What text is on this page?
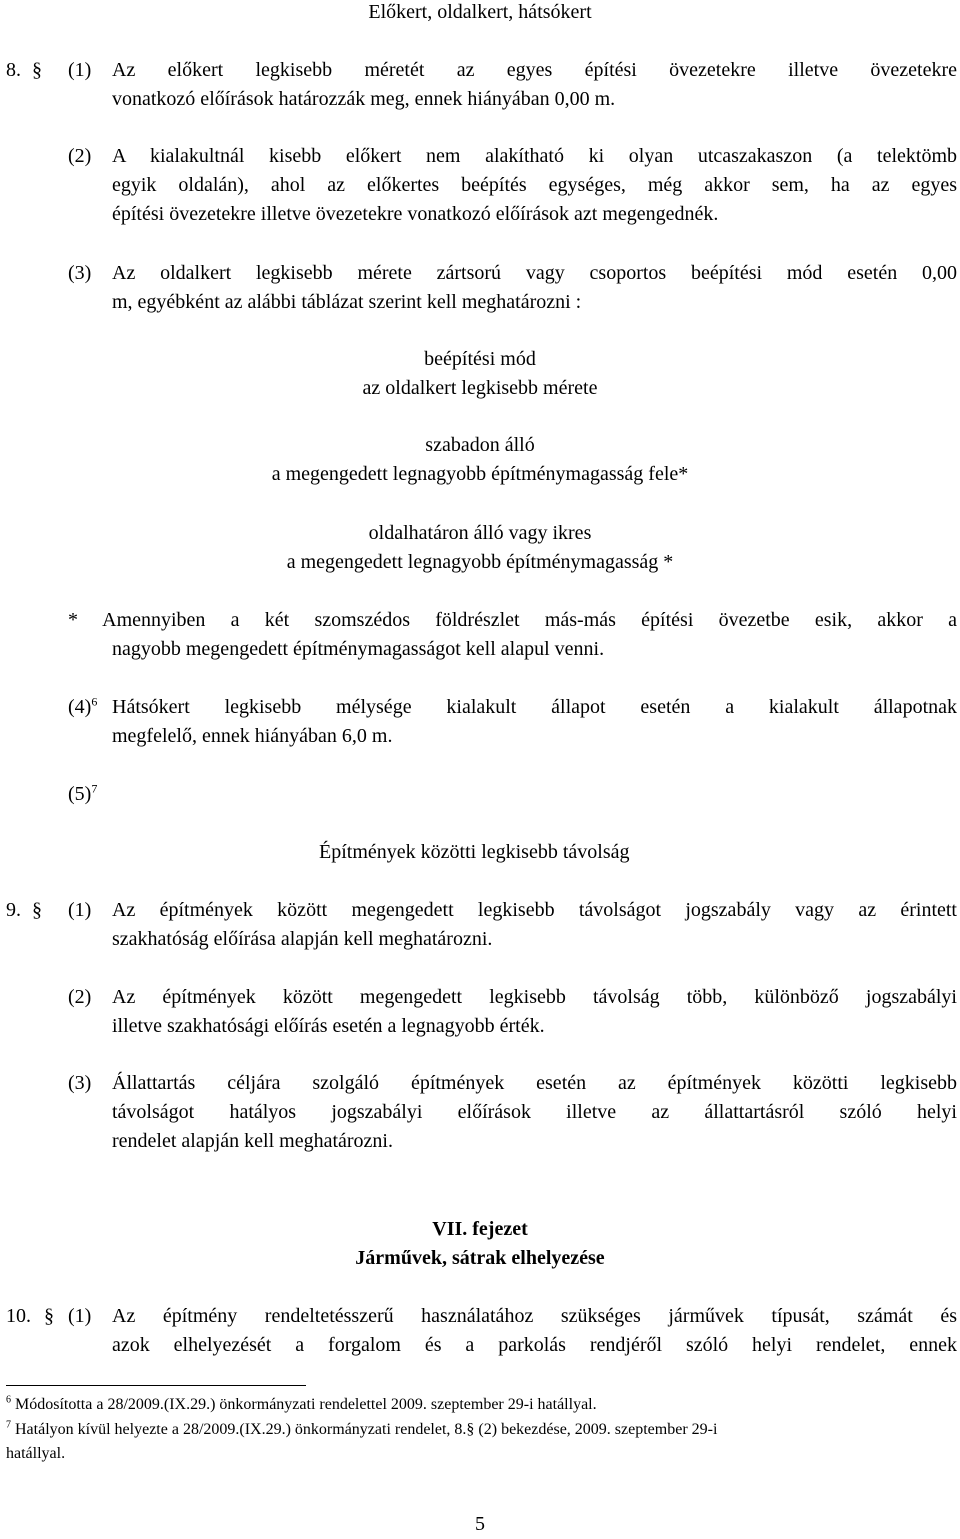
Előkert, oldalkert, hátsókert
8. § (1) Az előkert legkisebb méretét az egyes építési övezetekre illetve övezetekre
vonatkozó előírások határozzák meg, ennek hiányában 0,00 m.
(2) A kialakultnál kisebb előkert nem alakítható ki olyan utcaszakaszon (a telektömb
egyik oldalán), ahol az előkertes beépítés egységes, még akkor sem, ha az egyes
építési övezetekre illetve övezetekre vonatkozó előírások azt megengednék.
(3) Az oldalkert legkisebb mérete zártsorú vagy csoportos beépítési mód esetén 0,00
m, egyébként az alábbi táblázat szerint kell meghatározni :
beépítési mód
az oldalkert legkisebb mérete
szabadon álló
a megengedett legnagyobb építménymagasság fele*
oldalhatáron álló vagy ikres
a megengedett legnagyobb építménymagasság *
* Amennyiben a két szomszédos földrészlet más-más építési övezetbe esik, akkor a
nagyobb megengedett építménymagasságot kell alapul venni.
$(4)^6$ Hátsókert legkisebb mélysége kialakult állapot esetén a kialakult állapotnak
megfelelő, ennek hiányában 6,0 m.
$(5)^7$
Építmények közötti legkisebb távolság
9. § (1) Az építmények között megengedett legkisebb távolságot jogszabály vagy az érintett
szakhatóság előírása alapján kell meghatározni.
(2) Az építmények között megengedett legkisebb távolság több, különböző jogszabályi
illetve szakhatósági előírás esetén a legnagyobb érték.
(3) Állattartás céljára szolgáló építmények esetén az építmények közötti legkisebb
távolságot hatályos jogszabályi előírások illetve az állattartásról szóló helyi
rendelet alapján kell meghatározni.
VII. fejezet
Járművek, sátrak elhelyezése
10. § (1) Az építmény rendeltetésszerű használatához szükséges járművek típusát, számát és
azok elhelyezését a forgalom és a parkolás rendjéről szóló helyi rendelet, ennek
$^6$ Módosította a 28/2009.(IX.29.) önkormányzati rendelettel 2009. szeptember 29-i hatállyal.
$^7$ Hatályon kívül helyezte a 28/2009.(IX.29.) önkormányzati rendelet, 8.§ (2) bekezdése, 2009. szeptember 29-i
hatállyal.
5
